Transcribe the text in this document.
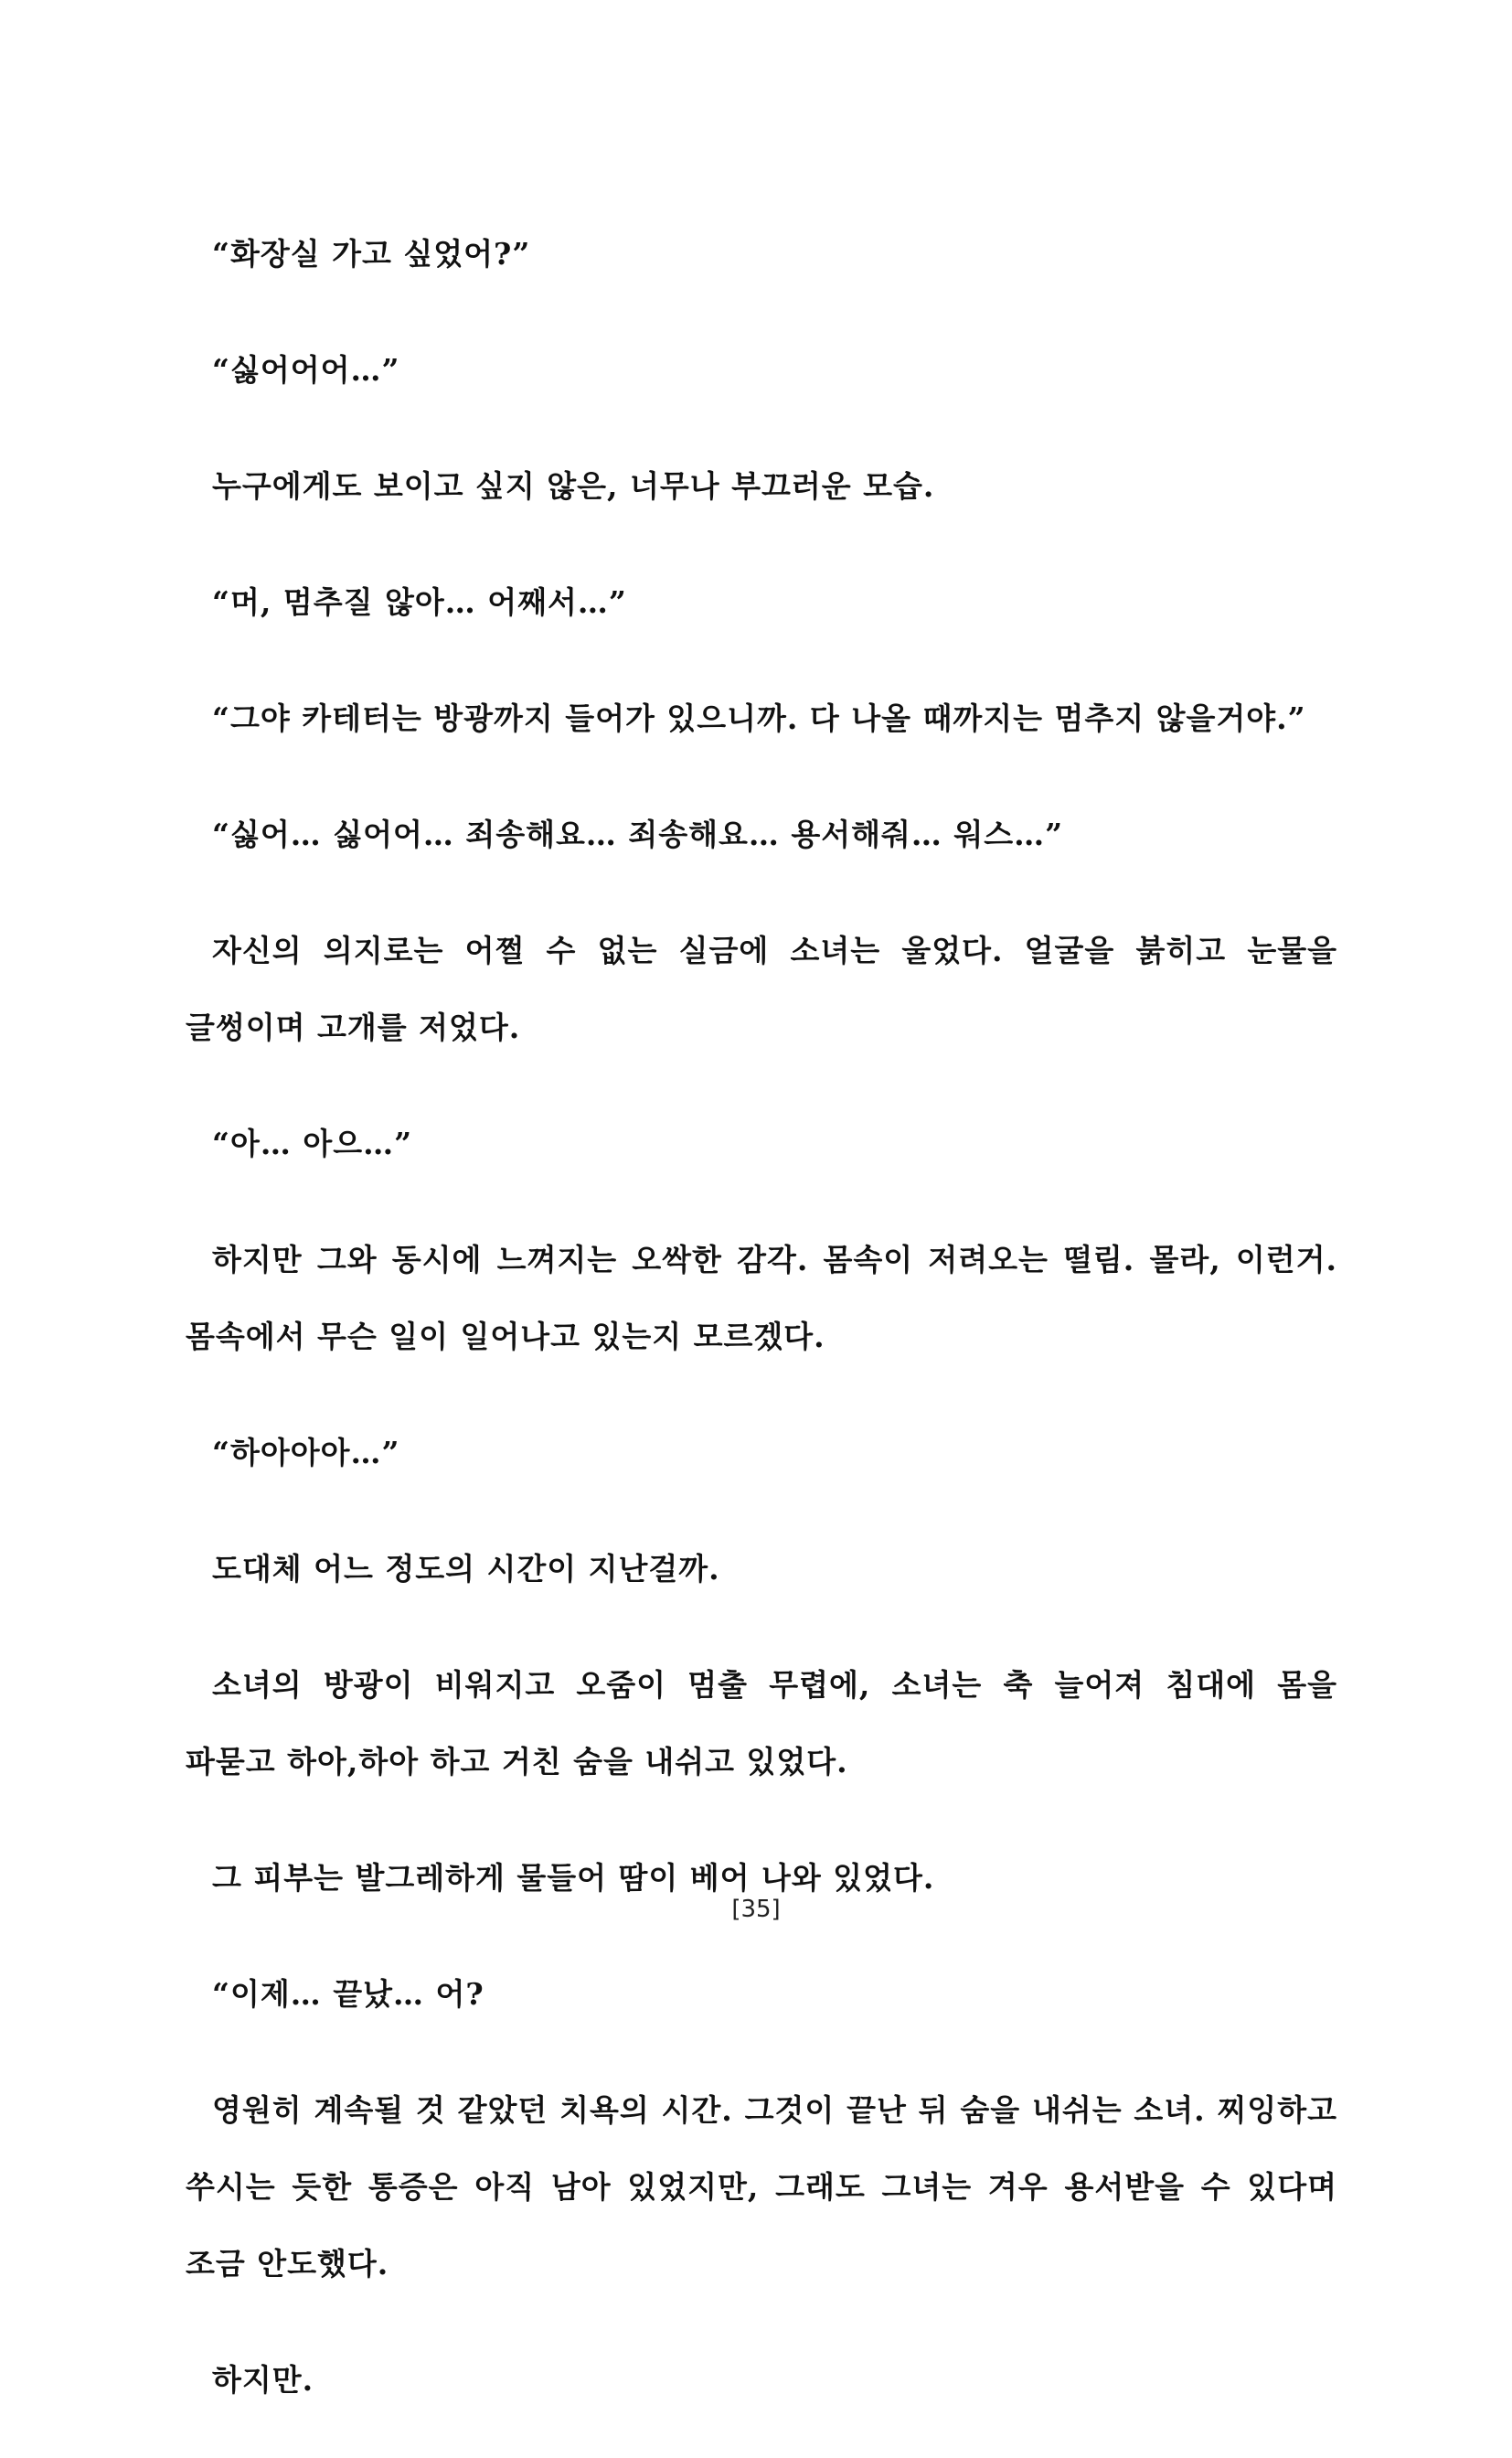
“화장실 가고 싶었어?”

“싫어어어…”

누구에게도 보이고 싶지 않은, 너무나 부끄러운 모습.

“머, 멈추질 않아… 어째서…”

“그야 카테터는 방광까지 들어가 있으니까. 다 나올 때까지는 멈추지 않을거야.”

“싫어… 싫어어… 죄송해요… 죄송해요… 용서해줘… 워스…”

자신의 의지로는 어쩔 수 없는 실금에 소녀는 울었다. 얼굴을 붉히고 눈물을 글썽이며 고개를 저었다.

“아… 아으…”

하지만 그와 동시에 느껴지는 오싹한 감각. 몸속이 저려오는 떨림. 몰라, 이런거. 몸속에서 무슨 일이 일어나고 있는지 모르겠다.

“하아아아…”

도대체 어느 정도의 시간이 지난걸까.

소녀의 방광이 비워지고 오줌이 멈출 무렵에, 소녀는 축 늘어져 침대에 몸을 파묻고 하아,하아 하고 거친 숨을 내쉬고 있었다.

그 피부는 발그레하게 물들어 땀이 베어 나와 있었다.

“이제… 끝났… 어?

영원히 계속될 것 같았던 치욕의 시간. 그것이 끝난 뒤 숨을 내쉬는 소녀. 찌잉하고 쑤시는 듯한 통증은 아직 남아 있었지만, 그래도 그녀는 겨우 용서받을 수 있다며 조금 안도했다.

하지만.

[35]
